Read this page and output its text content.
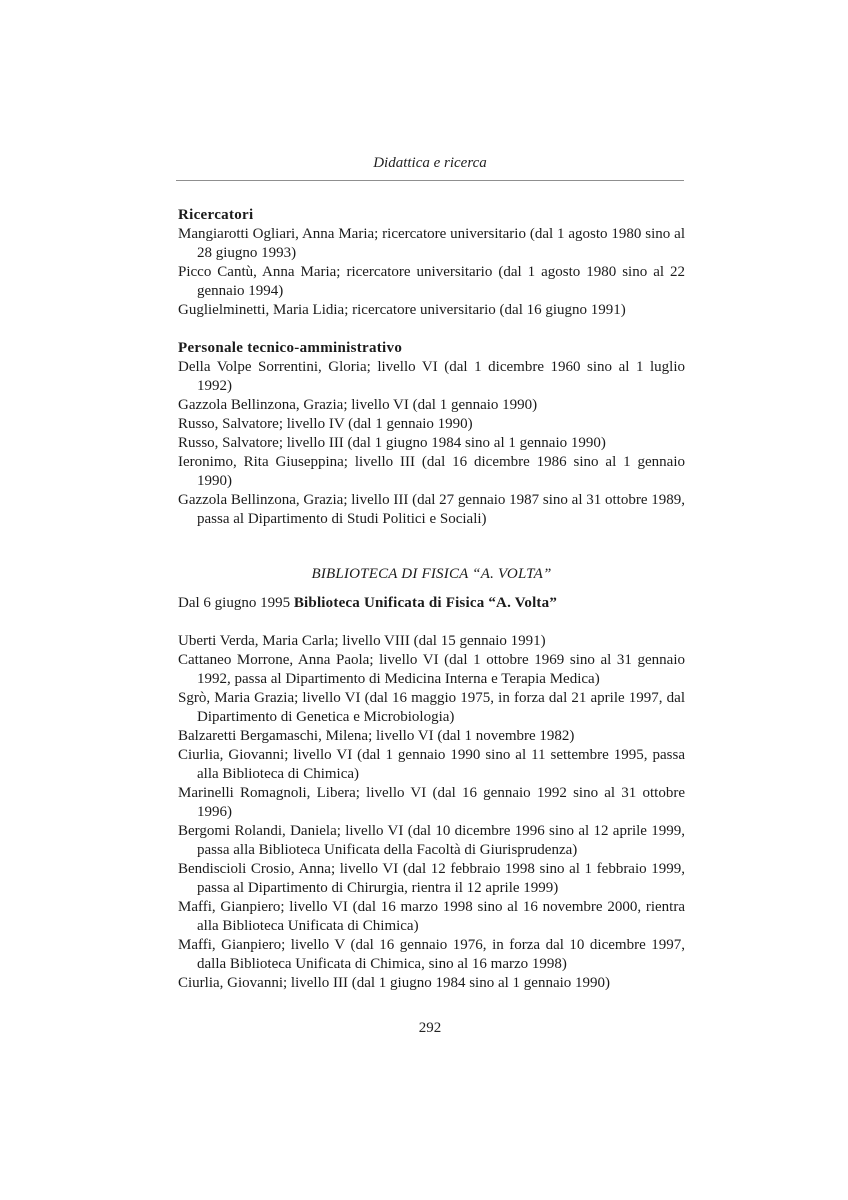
Didattica e ricerca
Ricercatori

Mangiarotti Ogliari, Anna Maria; ricercatore universitario (dal 1 agosto 1980 sino al 28 giugno 1993)

Picco Cantù, Anna Maria; ricercatore universitario (dal 1 agosto 1980 sino al 22 gennaio 1994)

Guglielminetti, Maria Lidia; ricercatore universitario (dal 16 giugno 1991)

Personale tecnico-amministrativo

Della Volpe Sorrentini, Gloria; livello VI (dal 1 dicembre 1960 sino al 1 luglio 1992)

Gazzola Bellinzona, Grazia; livello VI (dal 1 gennaio 1990)

Russo, Salvatore; livello IV (dal 1 gennaio 1990)

Russo, Salvatore; livello III (dal 1 giugno 1984 sino al 1 gennaio 1990)

Ieronimo, Rita Giuseppina; livello III (dal 16 dicembre 1986 sino al 1 gennaio 1990)

Gazzola Bellinzona, Grazia; livello III (dal 27 gennaio 1987 sino al 31 ottobre 1989, passa al Dipartimento di Studi Politici e Sociali)

BIBLIOTECA DI FISICA “A. VOLTA”

Dal 6 giugno 1995 Biblioteca Unificata di Fisica “A. Volta”

Uberti Verda, Maria Carla; livello VIII (dal 15 gennaio 1991)

Cattaneo Morrone, Anna Paola; livello VI (dal 1 ottobre 1969 sino al 31 gennaio 1992, passa al Dipartimento di Medicina Interna e Terapia Medica)

Sgrò, Maria Grazia; livello VI (dal 16 maggio 1975, in forza dal 21 aprile 1997, dal Dipartimento di Genetica e Microbiologia)

Balzaretti Bergamaschi, Milena; livello VI (dal 1 novembre 1982)

Ciurlia, Giovanni; livello VI (dal 1 gennaio 1990 sino al 11 settembre 1995, passa alla Biblioteca di Chimica)

Marinelli Romagnoli, Libera; livello VI (dal 16 gennaio 1992 sino al 31 ottobre 1996)

Bergomi Rolandi, Daniela; livello VI (dal 10 dicembre 1996 sino al 12 aprile 1999, passa alla Biblioteca Unificata della Facoltà di Giurisprudenza)

Bendiscioli Crosio, Anna; livello VI (dal 12 febbraio 1998 sino al 1 febbraio 1999, passa al Dipartimento di Chirurgia, rientra il 12 aprile 1999)

Maffi, Gianpiero; livello VI (dal 16 marzo 1998 sino al 16 novembre 2000, rientra alla Biblioteca Unificata di Chimica)

Maffi, Gianpiero; livello V (dal 16 gennaio 1976, in forza dal 10 dicembre 1997, dalla Biblioteca Unificata di Chimica, sino al 16 marzo 1998)

Ciurlia, Giovanni; livello III (dal 1 giugno 1984 sino al 1 gennaio 1990)

292
